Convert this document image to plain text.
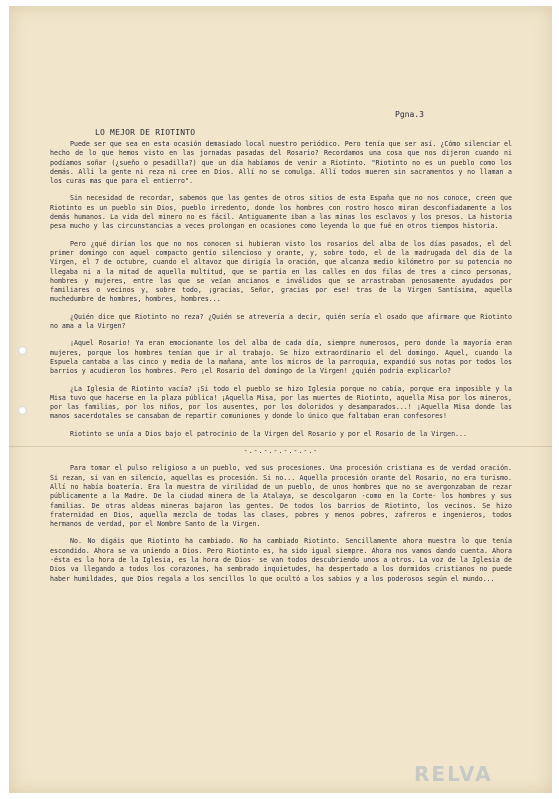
Pgna.3
LO MEJOR DE RIOTINTO

Puede ser que sea en esta ocasión demasiado local nuestro periódico. Pero tenía que ser así. ¿Cómo silenciar el hecho de lo que hemos visto en las jornadas pasadas del Rosario? Recordamos una cosa que nos dijeron cuando ni podíamos soñar (¿sueño o pesadilla?) que un día habíamos de venir a Riotinto. "Riotinto no es un pueblo como los demás. Allí la gente ni reza ni cree en Dios. Allí no se comulga. Allí todos mueren sin sacramentos y no llaman a los curas mas que para el entierro".

Sin necesidad de recordar, sabemos que las gentes de otros sitios de esta España que no nos conoce, creen que Riotinto es un pueblo sin Dios, pueblo irredento, donde los hombres con rostro hosco miran desconfiadamente a los demás humanos. La vida del minero no es fácil. Antiguamente iban a las minas los esclavos y los presos. La historia pesa mucho y las circunstancias a veces prolongan en ocasiones como leyenda lo que fué en otros tiempos historia.

Pero ¿qué dirían los que no nos conocen si hubieran visto los rosarios del alba de los días pasados, el del primer domingo con aquel compacto gentío silencioso y orante, y, sobre todo, el de la madrugada del día de la Virgen, el 7 de octubre, cuando el altavoz que dirigía la oración, que alcanza medio kilómetro por su potencia no llegaba ni a la mitad de aquella multitud, que se partía en las calles en dos filas de tres a cinco personas, hombres y mujeres, entre las que se veían ancianos e inválidos que se arrastraban penosamente ayudados por familiares o vecinos y, sobre todo, ¡gracias, Señor, gracias por ese! tras de la Virgen Santísima, aquella muchedumbre de hombres, hombres, hombres...

¿Quién dice que Riotinto no reza? ¿Quién se atrevería a decir, quién sería el osado que afirmare que Riotinto no ama a la Virgen?

¡Aquel Rosario! Ya eran emocionante los del alba de cada día, siempre numerosos, pero donde la mayoría eran mujeres, porque los hombres tenían que ir al trabajo. Se hizo extraordinario el del domingo. Aquel, cuando la Espuela cantaba a las cinco y media de la mañana, ante los micros de la parroquia, expandió sus notas por todos los barrios y acudieron los hombres. Pero ¡el Rosario del domingo de la Virgen! ¿quién podría explicarlo?

¿La Iglesia de Riotinto vacía? ¡Si todo el pueblo se hizo Iglesia porque no cabía, porque era imposible y la Misa tuvo que hacerse en la plaza pública! ¡Aquella Misa, por las muertes de Riotinto, aquella Misa por los mineros, por las familias, por los niños, por los ausentes, por los doloridos y desamparados...! ¡Aquella Misa donde las manos sacerdotales se cansaban de repartir comuniones y donde lo único que faltaban eran confesores!

Riotinto se unía a Dios bajo el patrocinio de la Virgen del Rosario y por el Rosario de la Virgen...

-.-.-.-.-.-.-.-

Para tomar el pulso religioso a un pueblo, ved sus procesiones. Una procesión cristiana es de verdad oración. Si rezan, si van en silencio, aquellas es procesión. Si no... Aquella procesión orante del Rosario, no era turismo. Allí no había boatería. Era la muestra de virilidad de un pueblo, de unos hombres que no se avergonzaban de rezar públicamente a la Madre. De la ciudad minera de la Atalaya, se descolgaron -como en la Corte- los hombres y sus familias. De otras aldeas mineras bajaron las gentes. De todos los barrios de Riotinto, los vecinos. Se hizo fraternidad en Dios, aquella mezcla de todas las clases, pobres y menos pobres, zafreros e ingenieros, todos hermanos de verdad, por el Nombre Santo de la Virgen.

No. No digáis que Riotinto ha cambiado. No ha cambiado Riotinto. Sencillamente ahora muestra lo que tenía escondido. Ahora se va uniendo a Dios. Pero Riotinto es, ha sido igual siempre. Ahora nos vamos dando cuenta. Ahora -ésta es la hora de la Iglesia, es la hora de Dios- se van todos descubriendo unos a otros. La voz de la Iglesia de Dios va llegando a todos los corazones, ha sembrado inquietudes, ha despertado a los dormidos cristianos no puede haber humildades, que Dios regala a los sencillos lo que ocultó a los sabios y a los poderosos según el mundo...

RELVA
